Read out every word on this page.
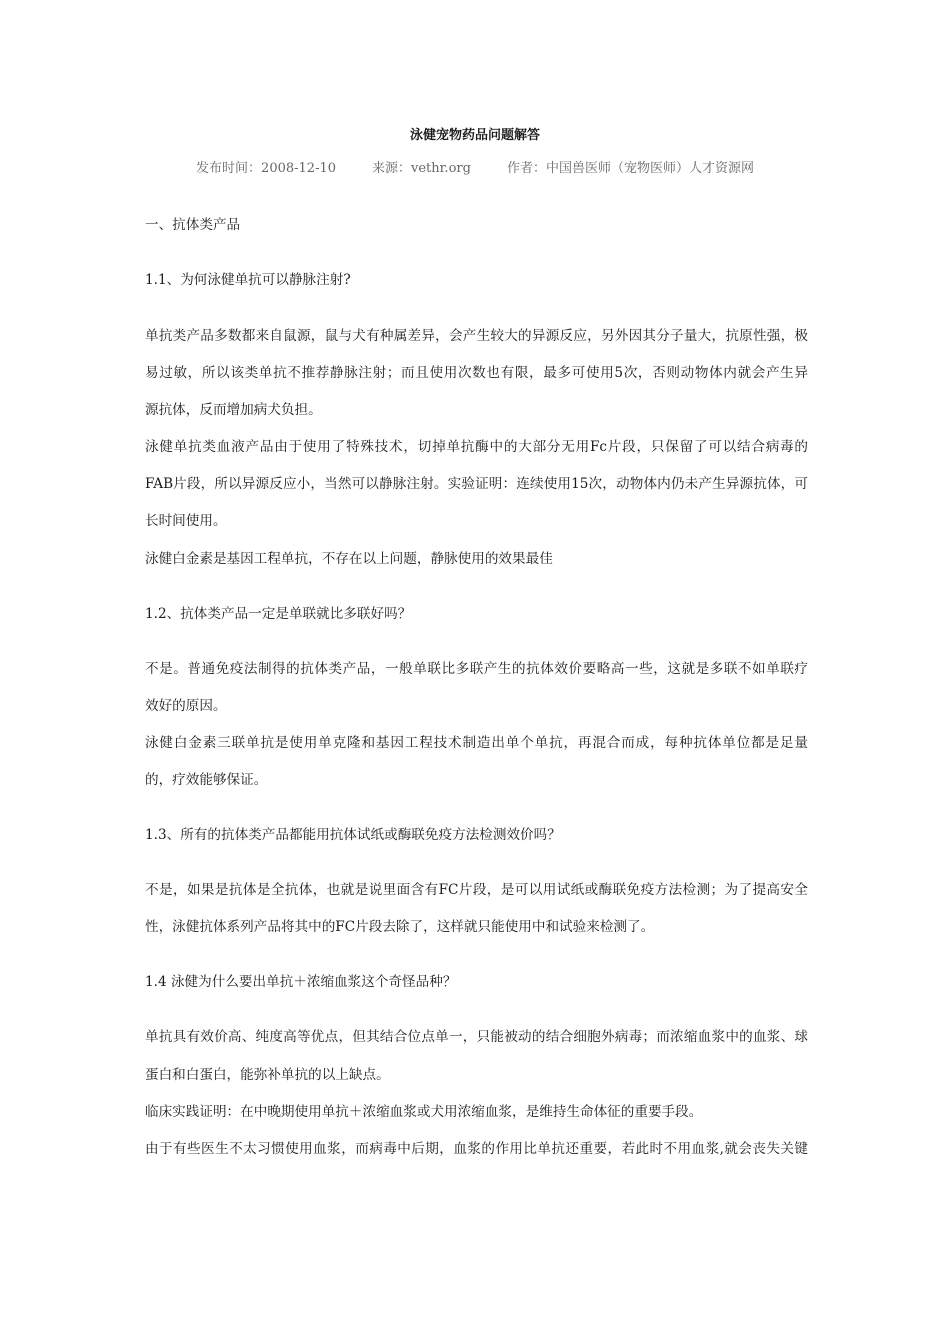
泳健宠物药品问题解答
发布时间：2008-12-10	来源：vethr.org	作者：中国兽医师（宠物医师）人才资源网
一、抗体类产品
1.1、为何泳健单抗可以静脉注射?
单抗类产品多数都来自鼠源，鼠与犬有种属差异，会产生较大的异源反应，另外因其分子量大，抗原性强，极
易过敏，所以该类单抗不推荐静脉注射；而且使用次数也有限，最多可使用5次，否则动物体内就会产生异
源抗体，反而增加病犬负担。
泳健单抗类血液产品由于使用了特殊技术，切掉单抗酶中的大部分无用Fc片段，只保留了可以结合病毒的
FAB片段，所以异源反应小，当然可以静脉注射。实验证明：连续使用15次，动物体内仍未产生异源抗体，可
长时间使用。
泳健白金素是基因工程单抗，不存在以上问题，静脉使用的效果最佳
1.2、抗体类产品一定是单联就比多联好吗？
不是。普通免疫法制得的抗体类产品，一般单联比多联产生的抗体效价要略高一些，这就是多联不如单联疗
效好的原因。
泳健白金素三联单抗是使用单克隆和基因工程技术制造出单个单抗，再混合而成，每种抗体单位都是足量
的，疗效能够保证。
1.3、所有的抗体类产品都能用抗体试纸或酶联免疫方法检测效价吗？
不是，如果是抗体是全抗体，也就是说里面含有FC片段，是可以用试纸或酶联免疫方法检测；为了提高安全
性，泳健抗体系列产品将其中的FC片段去除了，这样就只能使用中和试验来检测了。
1.4 泳健为什么要出单抗＋浓缩血浆这个奇怪品种？
单抗具有效价高、纯度高等优点，但其结合位点单一，只能被动的结合细胞外病毒；而浓缩血浆中的血浆、球
蛋白和白蛋白，能弥补单抗的以上缺点。
临床实践证明：在中晚期使用单抗＋浓缩血浆或犬用浓缩血浆，是维持生命体征的重要手段。
由于有些医生不太习惯使用血浆，而病毒中后期，血浆的作用比单抗还重要，若此时不用血浆,就会丧失关键
